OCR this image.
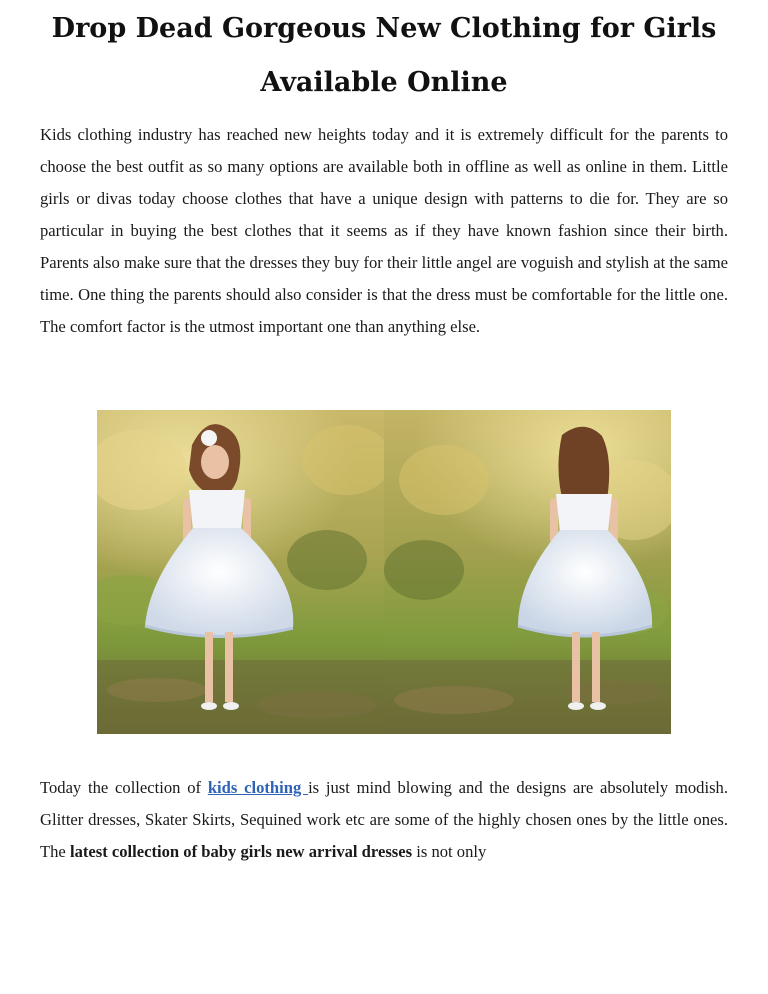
Drop Dead Gorgeous New Clothing for Girls
Available Online

Kids clothing industry has reached new heights today and it is extremely difficult for the parents to choose the best outfit as so many options are available both in offline as well as online in them. Little girls or divas today choose clothes that have a unique design with patterns to die for. They are so particular in buying the best clothes that it seems as if they have known fashion since their birth. Parents also make sure that the dresses they buy for their little angel are voguish and stylish at the same time. One thing the parents should also consider is that the dress must be comfortable for the little one. The comfort factor is the utmost important one than anything else.

Today the collection of kids clothing is just mind blowing and the designs are absolutely modish. Glitter dresses, Skater Skirts, Sequined work etc are some of the highly chosen ones by the little ones. The latest collection of baby girls new arrival dresses is not only
